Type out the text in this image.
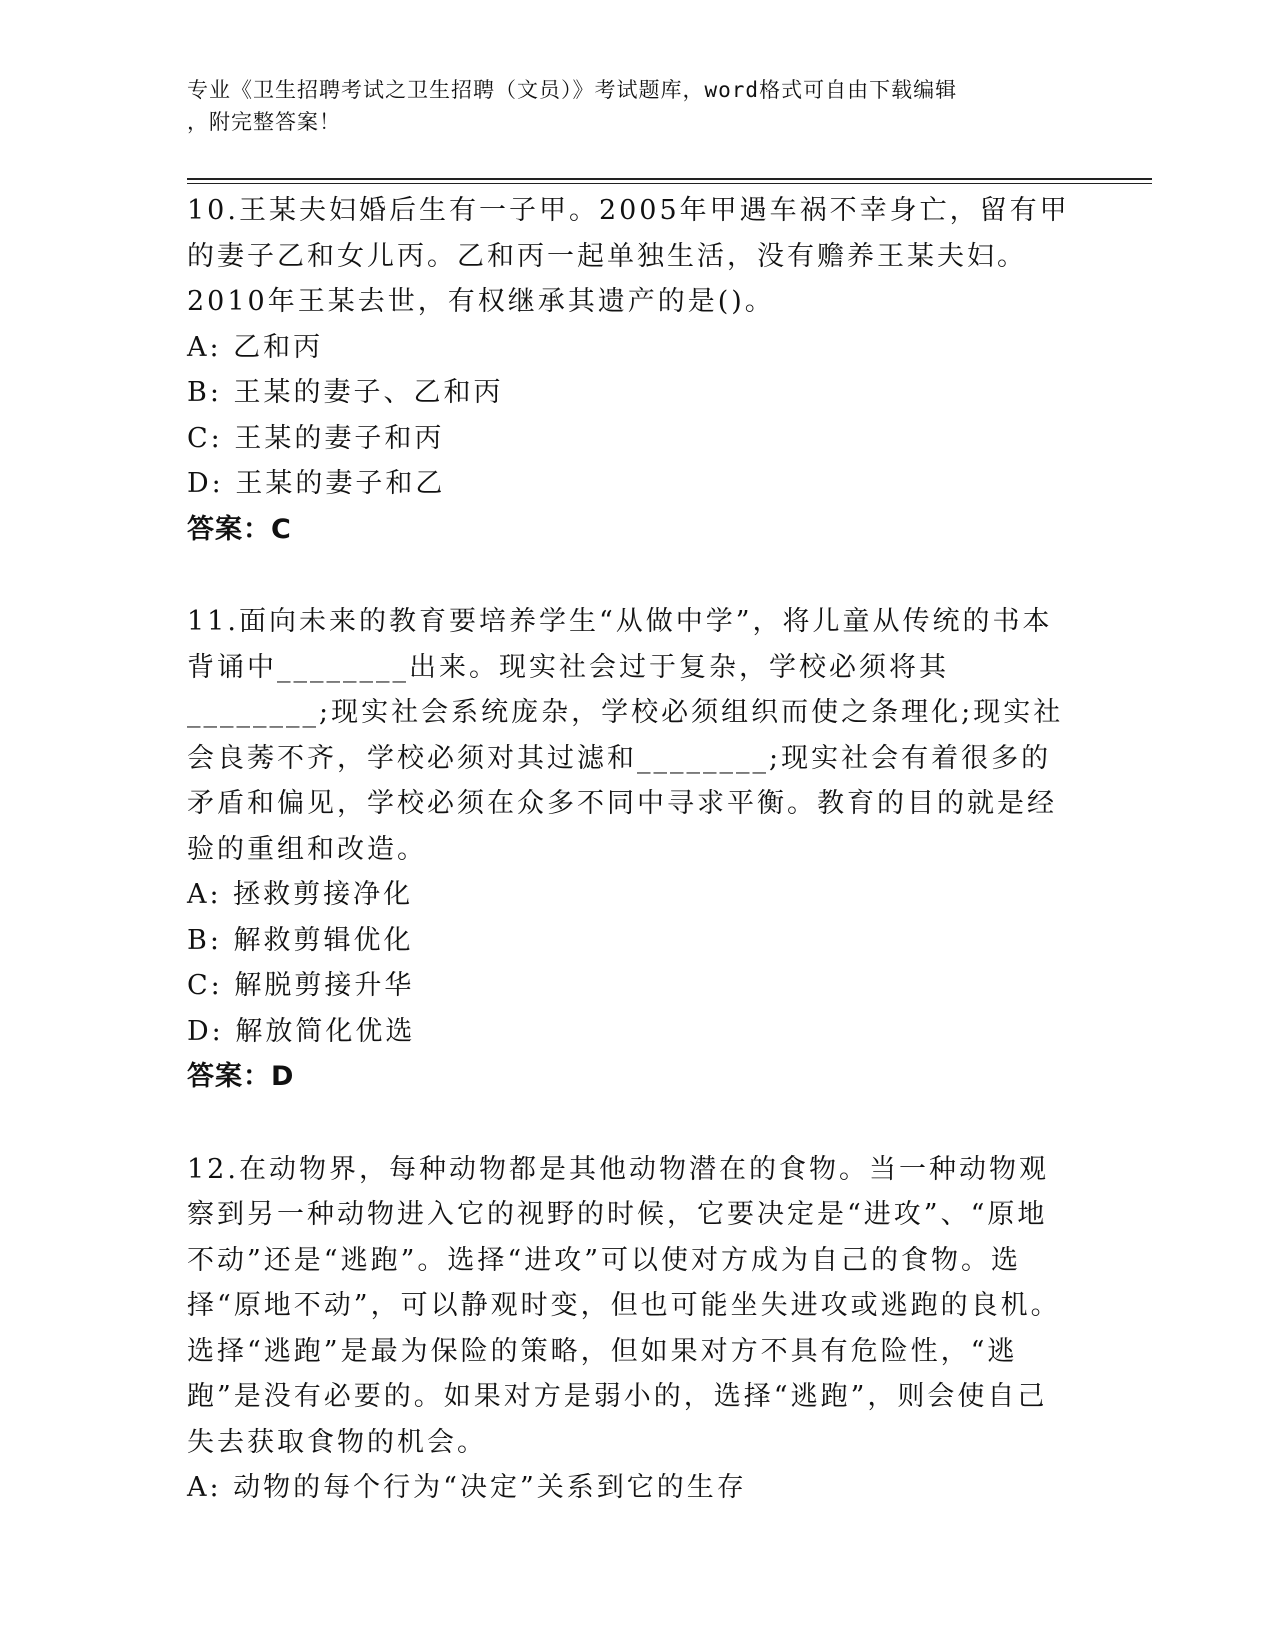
专业《卫生招聘考试之卫生招聘（文员）》考试题库，word格式可自由下载编辑
，附完整答案！

10.王某夫妇婚后生有一子甲。2005年甲遇车祸不幸身亡，留有甲的妻子乙和女儿丙。乙和丙一起单独生活，没有赡养王某夫妇。2010年王某去世，有权继承其遗产的是()。

A: 乙和丙

B: 王某的妻子、乙和丙

C: 王某的妻子和丙

D: 王某的妻子和乙

答案：C

11.面向未来的教育要培养学生“从做中学”，将儿童从传统的书本背诵中________出来。现实社会过于复杂，学校必须将其________;现实社会系统庞杂，学校必须组织而使之条理化;现实社会良莠不齐，学校必须对其过滤和________;现实社会有着很多的矛盾和偏见，学校必须在众多不同中寻求平衡。教育的目的就是经验的重组和改造。

A: 拯救剪接净化

B: 解救剪辑优化

C: 解脱剪接升华

D: 解放简化优选

答案：D

12.在动物界，每种动物都是其他动物潜在的食物。当一种动物观察到另一种动物进入它的视野的时候，它要决定是“进攻”、“原地不动”还是“逃跑”。选择“进攻”可以使对方成为自己的食物。选择“原地不动”，可以静观时变，但也可能坐失进攻或逃跑的良机。选择“逃跑”是最为保险的策略，但如果对方不具有危险性，“逃跑”是没有必要的。如果对方是弱小的，选择“逃跑”，则会使自己失去获取食物的机会。

A: 动物的每个行为“决定”关系到它的生存
